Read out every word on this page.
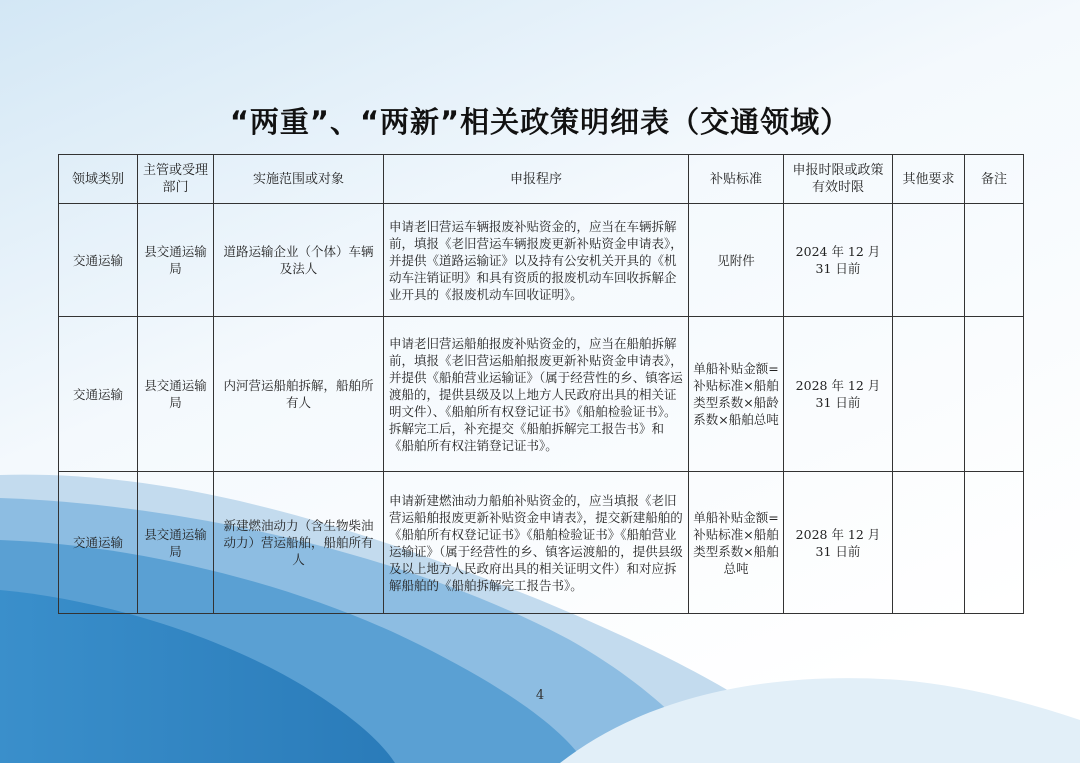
“两重”、“两新”相关政策明细表（交通领域）
领域类别	主管或受理部门	实施范围或对象	申报程序	补贴标准	申报时限或政策有效时限	其他要求	备注
交通运输	县交通运输局	道路运输企业（个体）车辆及法人	申请老旧营运车辆报废补贴资金的，应当在车辆拆解前，填报《老旧营运车辆报废更新补贴资金申请表》，并提供《道路运输证》以及持有公安机关开具的《机动车注销证明》和具有资质的报废机动车回收拆解企业开具的《报废机动车回收证明》。	见附件	2024 年 12 月 31 日前		
交通运输	县交通运输局	内河营运船舶拆解，船舶所有人	申请老旧营运船舶报废补贴资金的，应当在船舶拆解前，填报《老旧营运船舶报废更新补贴资金申请表》，并提供《船舶营业运输证》（属于经营性的乡、镇客运渡船的，提供县级及以上地方人民政府出具的相关证明文件）、《船舶所有权登记证书》《船舶检验证书》。拆解完工后，补充提交《船舶拆解完工报告书》和《船舶所有权注销登记证书》。	单船补贴金额=补贴标准×船舶类型系数×船龄系数×船舶总吨	2028 年 12 月 31 日前		
交通运输	县交通运输局	新建燃油动力（含生物柴油动力）营运船舶，船舶所有人	申请新建燃油动力船舶补贴资金的，应当填报《老旧营运船舶报废更新补贴资金申请表》，提交新建船舶的《船舶所有权登记证书》《船舶检验证书》《船舶营业运输证》（属于经营性的乡、镇客运渡船的，提供县级及以上地方人民政府出具的相关证明文件）和对应拆解船舶的《船舶拆解完工报告书》。	单船补贴金额=补贴标准×船舶类型系数×船舶总吨	2028 年 12 月 31 日前		
4
